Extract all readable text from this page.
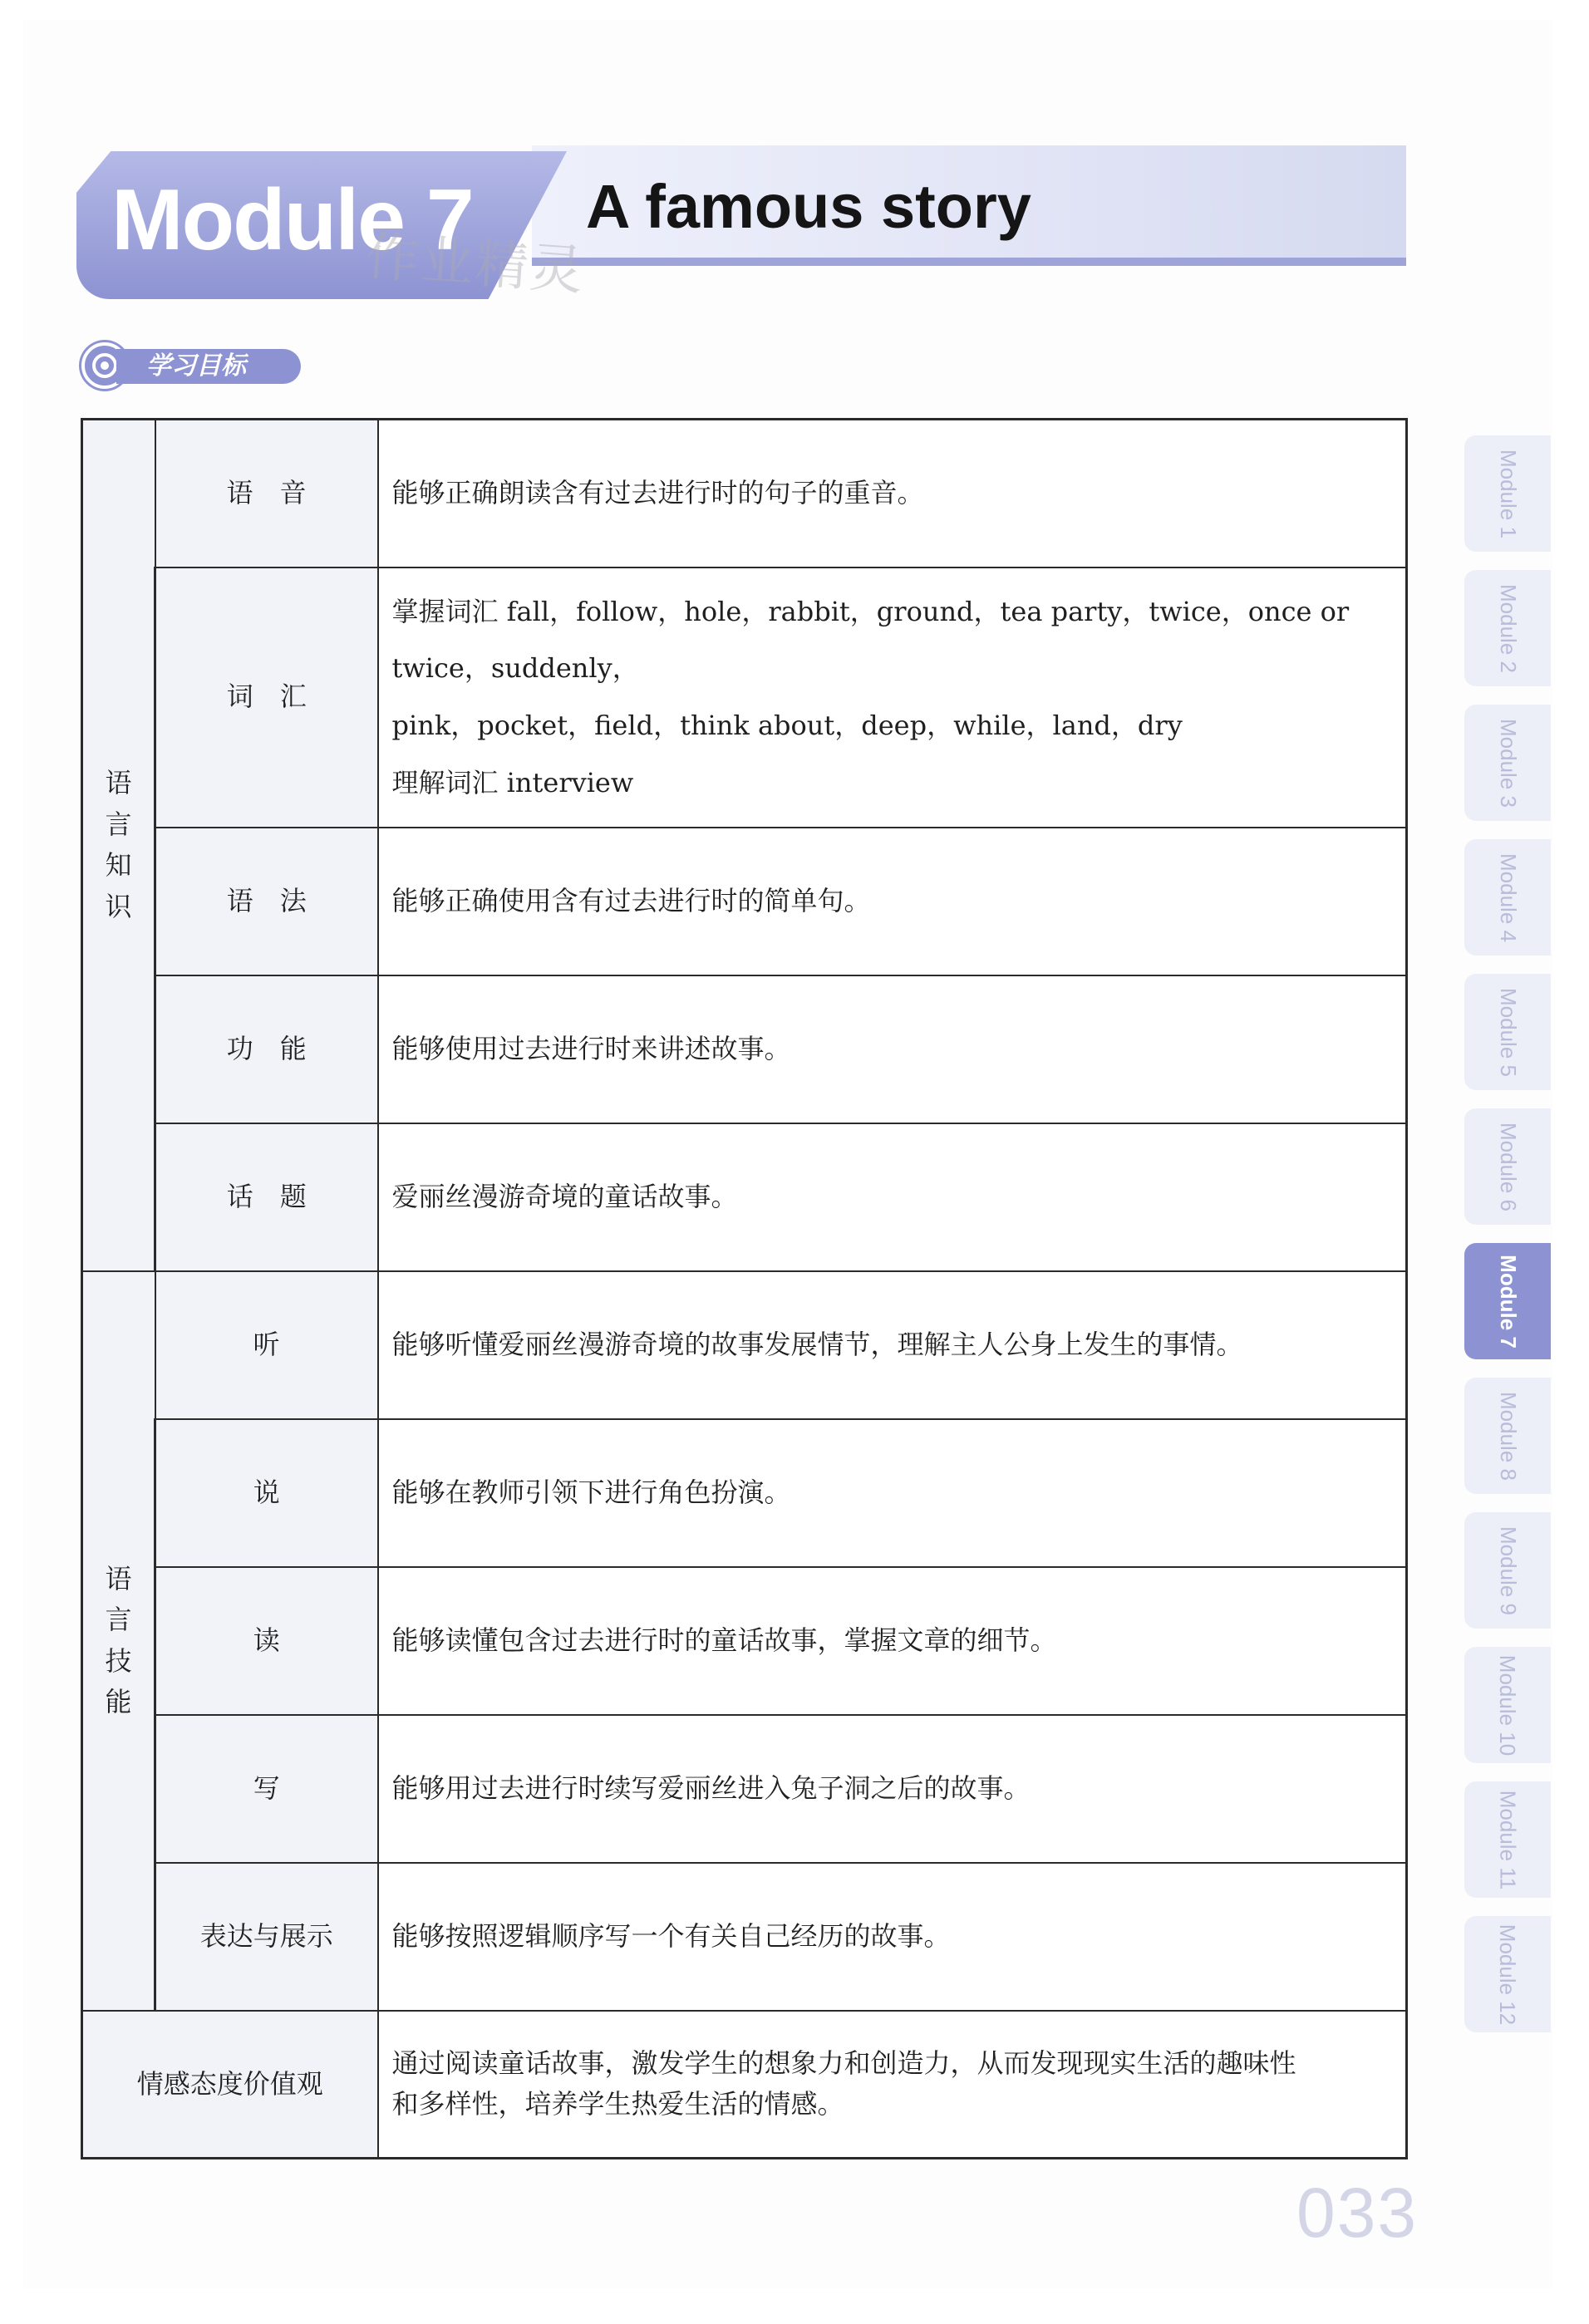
Module 7 A famous story
作业精灵
学习目标
Module 1
Module 2
Module 3
Module 4
Module 5
Module 6
Module 7
Module 8
Module 9
Module 10
Module 11
Module 12
语言知识	语　音	能够正确朗读含有过去进行时的句子的重音。

	词　汇	掌握词汇 fall，follow，hole，rabbit，ground，tea party，twice，once or twice，suddenly，
pink，pocket，field，think about，deep，while，land，dry
理解词汇 interview

	语　法	能够正确使用含有过去进行时的简单句。

	功　能	能够使用过去进行时来讲述故事。

	话　题	爱丽丝漫游奇境的童话故事。

语言技能	听	能够听懂爱丽丝漫游奇境的故事发展情节，理解主人公身上发生的事情。

	说	能够在教师引领下进行角色扮演。

	读	能够读懂包含过去进行时的童话故事，掌握文章的细节。

	写	能够用过去进行时续写爱丽丝进入兔子洞之后的故事。

	表达与展示	能够按照逻辑顺序写一个有关自己经历的故事。

情感态度价值观		通过阅读童话故事，激发学生的想象力和创造力，从而发现现实生活的趣味性
和多样性，培养学生热爱生活的情感。
033
